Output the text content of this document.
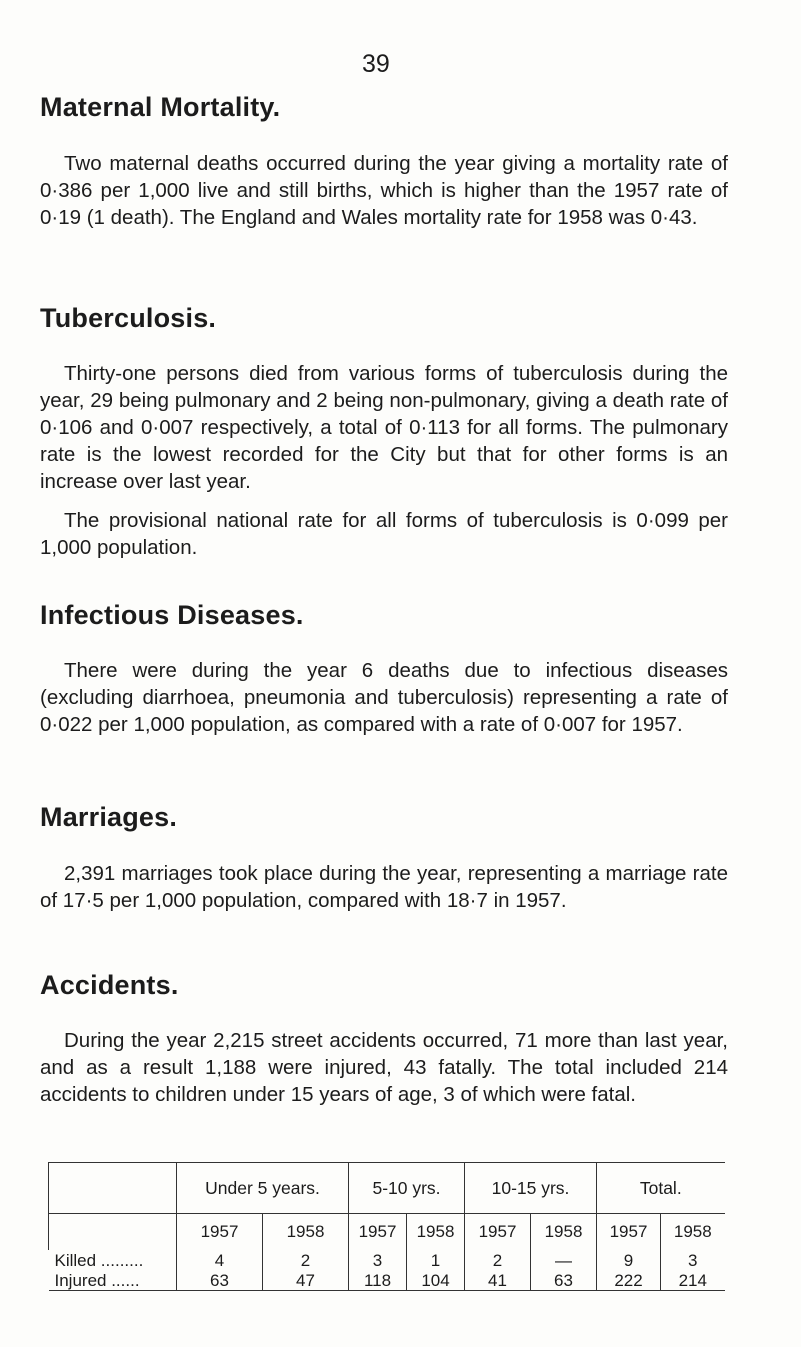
39
Maternal Mortality.

Two maternal deaths occurred during the year giving a mortality rate of 0·386 per 1,000 live and still births, which is higher than the 1957 rate of 0·19 (1 death). The England and Wales mortality rate for 1958 was 0·43.

Tuberculosis.

Thirty-one persons died from various forms of tuberculosis during the year, 29 being pulmonary and 2 being non-pulmonary, giving a death rate of 0·106 and 0·007 respectively, a total of 0·113 for all forms. The pulmonary rate is the lowest recorded for the City but that for other forms is an increase over last year.

The provisional national rate for all forms of tuberculosis is 0·099 per 1,000 population.

Infectious Diseases.

There were during the year 6 deaths due to infectious diseases (excluding diarrhoea, pneumonia and tuberculosis) representing a rate of 0·022 per 1,000 population, as compared with a rate of 0·007 for 1957.

Marriages.

2,391 marriages took place during the year, representing a marriage rate of 17·5 per 1,000 population, compared with 18·7 in 1957.

Accidents.

During the year 2,215 street accidents occurred, 71 more than last year, and as a result 1,188 were injured, 43 fatally. The total included 214 accidents to children under 15 years of age, 3 of which were fatal.

	Under 5 years.		5-10 yrs.		10-15 yrs.		Total.	
	1957	1958	1957	1958	1957	1958	1957	1958
Killed .........	4	2	3	1	2	—	9	3
Injured ......	63	47	118	104	41	63	222	214
